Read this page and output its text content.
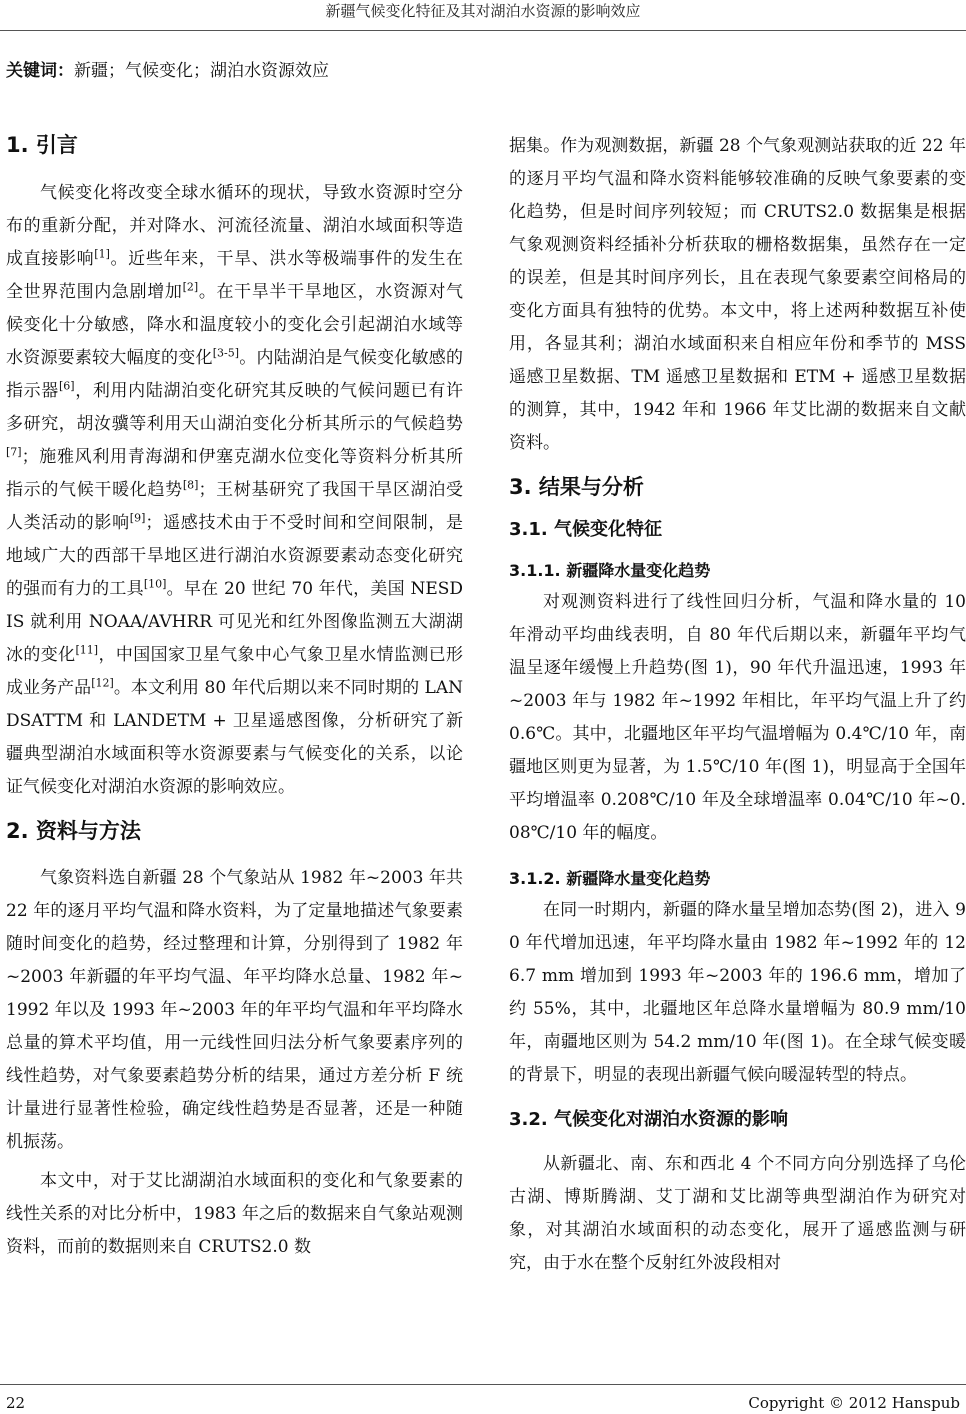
新疆气候变化特征及其对湖泊水资源的影响效应
关键词：新疆；气候变化；湖泊水资源效应
1. 引言

气候变化将改变全球水循环的现状，导致水资源时空分布的重新分配，并对降水、河流径流量、湖泊水域面积等造成直接影响[1]。近些年来，干旱、洪水等极端事件的发生在全世界范围内急剧增加[2]。在干旱半干旱地区，水资源对气候变化十分敏感，降水和温度较小的变化会引起湖泊水域等水资源要素较大幅度的变化[3-5]。内陆湖泊是气候变化敏感的指示器[6]，利用内陆湖泊变化研究其反映的气候问题已有许多研究，胡汝骥等利用天山湖泊变化分析其所示的气候趋势[7]；施雅风利用青海湖和伊塞克湖水位变化等资料分析其所指示的气候干暖化趋势[8]；王树基研究了我国干旱区湖泊受人类活动的影响[9]；遥感技术由于不受时间和空间限制，是地域广大的西部干旱地区进行湖泊水资源要素动态变化研究的强而有力的工具[10]。早在 20 世纪 70 年代，美国 NESDIS 就利用 NOAA/AVHRR 可见光和红外图像监测五大湖湖冰的变化[11]，中国国家卫星气象中心气象卫星水情监测已形成业务产品[12]。本文利用 80 年代后期以来不同时期的 LANDSATTM 和 LANDETM + 卫星遥感图像，分析研究了新疆典型湖泊水域面积等水资源要素与气候变化的关系，以论证气候变化对湖泊水资源的影响效应。

2. 资料与方法

气象资料选自新疆 28 个气象站从 1982 年~2003 年共 22 年的逐月平均气温和降水资料，为了定量地描述气象要素随时间变化的趋势，经过整理和计算，分别得到了 1982 年~2003 年新疆的年平均气温、年平均降水总量、1982 年~1992 年以及 1993 年~2003 年的年平均气温和年平均降水总量的算术平均值，用一元线性回归法分析气象要素序列的线性趋势，对气象要素趋势分析的结果，通过方差分析 F 统计量进行显著性检验，确定线性趋势是否显著，还是一种随机振荡。

本文中，对于艾比湖湖泊水域面积的变化和气象要素的线性关系的对比分析中，1983 年之后的数据来自气象站观测资料，而前的数据则来自 CRUTS2.0 数

据集。作为观测数据，新疆 28 个气象观测站获取的近 22 年的逐月平均气温和降水资料能够较准确的反映气象要素的变化趋势，但是时间序列较短；而 CRUTS2.0 数据集是根据气象观测资料经插补分析获取的栅格数据集，虽然存在一定的误差，但是其时间序列长，且在表现气象要素空间格局的变化方面具有独特的优势。本文中，将上述两种数据互补使用，各显其利；湖泊水域面积来自相应年份和季节的 MSS 遥感卫星数据、TM 遥感卫星数据和 ETM + 遥感卫星数据的测算，其中，1942 年和 1966 年艾比湖的数据来自文献资料。

3. 结果与分析
3.1. 气候变化特征
3.1.1. 新疆降水量变化趋势

对观测资料进行了线性回归分析，气温和降水量的 10 年滑动平均曲线表明，自 80 年代后期以来，新疆年平均气温呈逐年缓慢上升趋势(图 1)，90 年代升温迅速，1993 年~2003 年与 1982 年~1992 年相比，年平均气温上升了约 0.6℃。其中，北疆地区年平均气温增幅为 0.4℃/10 年，南疆地区则更为显著，为 1.5℃/10 年(图 1)，明显高于全国年平均增温率 0.208℃/10 年及全球增温率 0.04℃/10 年~0.08℃/10 年的幅度。

3.1.2. 新疆降水量变化趋势

在同一时期内，新疆的降水量呈增加态势(图 2)，进入 90 年代增加迅速，年平均降水量由 1982 年~1992 年的 126.7 mm 增加到 1993 年~2003 年的 196.6 mm，增加了约 55%，其中，北疆地区年总降水量增幅为 80.9 mm/10 年，南疆地区则为 54.2 mm/10 年(图 1)。在全球气候变暖的背景下，明显的表现出新疆气候向暖湿转型的特点。

3.2. 气候变化对湖泊水资源的影响

从新疆北、南、东和西北 4 个不同方向分别选择了乌伦古湖、博斯腾湖、艾丁湖和艾比湖等典型湖泊作为研究对象，对其湖泊水域面积的动态变化，展开了遥感监测与研究，由于水在整个反射红外波段相对

22	Copyright © 2012 Hanspub
